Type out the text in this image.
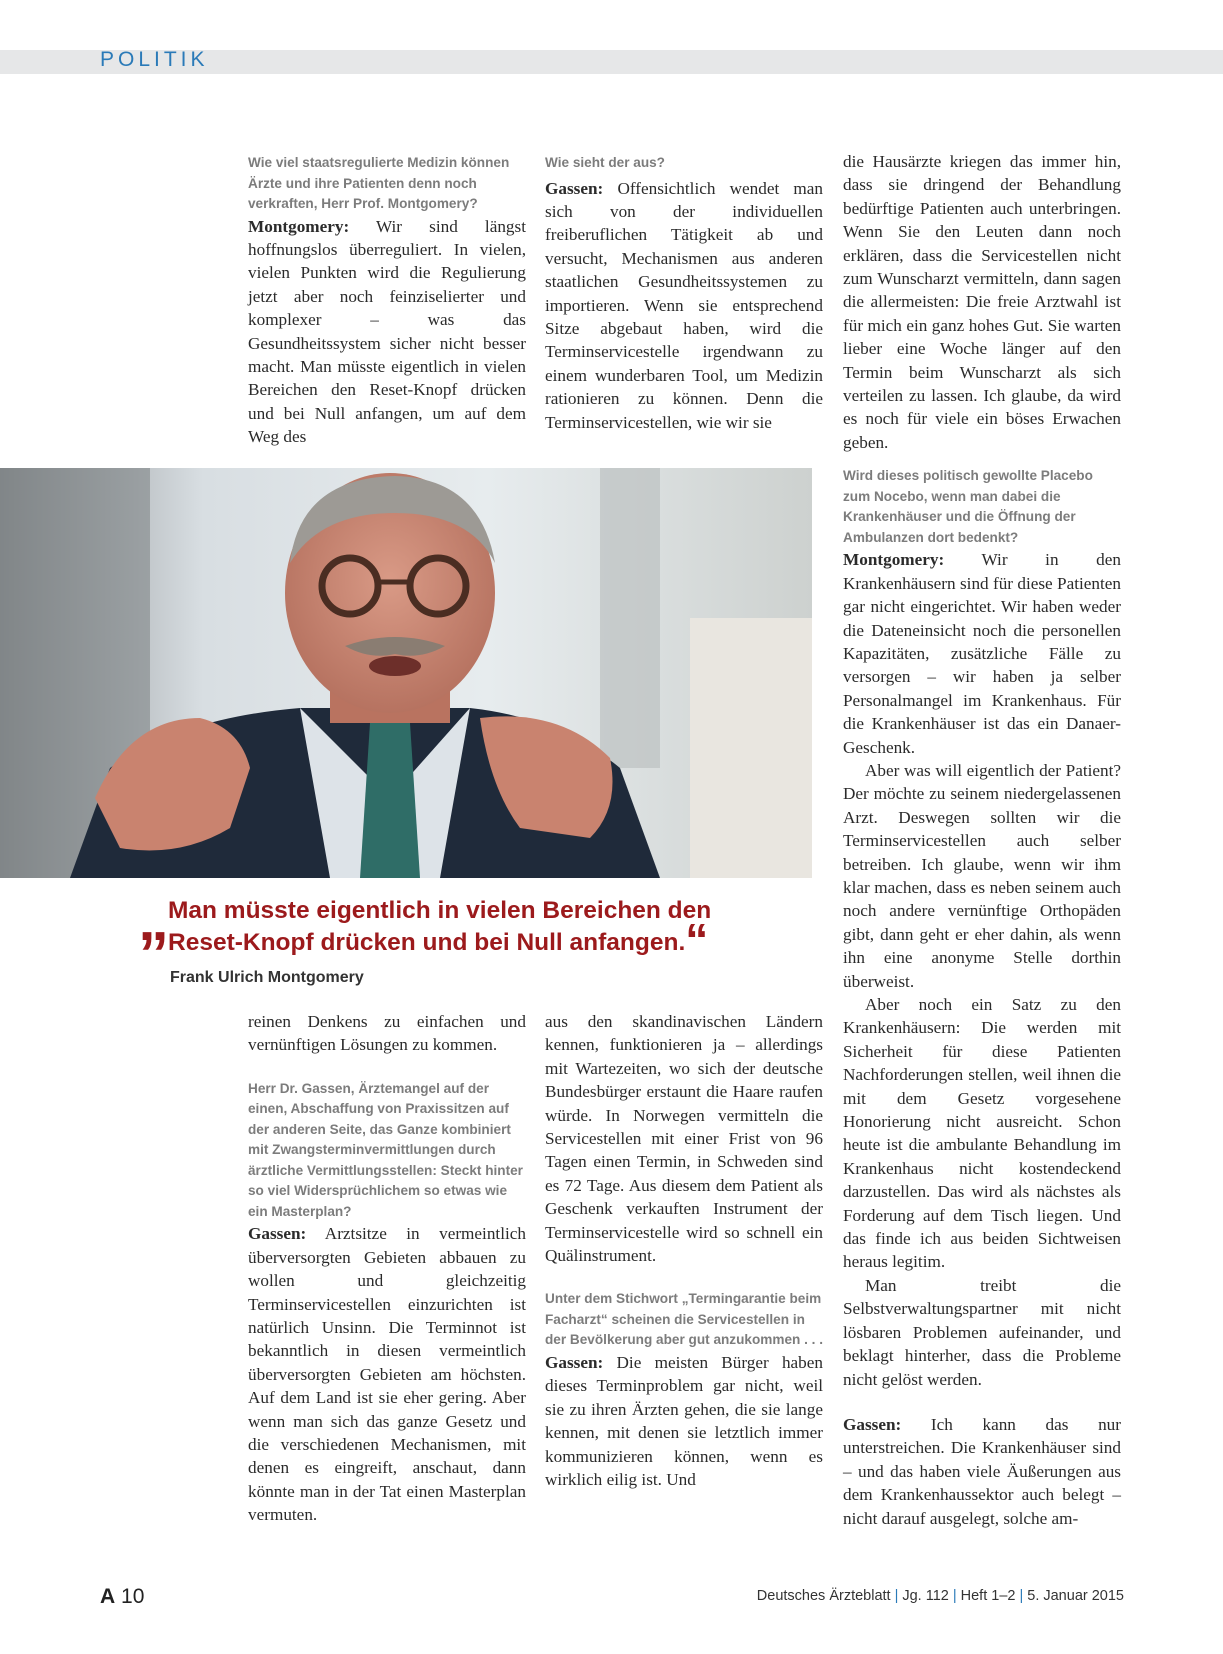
POLITIK

Wie viel staatsregulierte Medizin können Ärzte und ihre Patienten denn noch verkraften, Herr Prof. Montgomery?

Montgomery: Wir sind längst hoffnungslos überreguliert. In vielen, vielen Punkten wird die Regulierung jetzt aber noch feinziselierter und komplexer – was das Gesundheitssystem sicher nicht besser macht. Man müsste eigentlich in vielen Bereichen den Reset-Knopf drücken und bei Null anfangen, um auf dem Weg des

Wie sieht der aus?

Gassen: Offensichtlich wendet man sich von der individuellen freiberuflichen Tätigkeit ab und versucht, Mechanismen aus anderen staatlichen Gesundheitssystemen zu importieren. Wenn sie entsprechend Sitze abgebaut haben, wird die Terminservicestelle irgendwann zu einem wunderbaren Tool, um Medizin rationieren zu können. Denn die Terminservicestellen, wie wir sie

die Hausärzte kriegen das immer hin, dass sie dringend der Behandlung bedürftige Patienten auch unterbringen. Wenn Sie den Leuten dann noch erklären, dass die Servicestellen nicht zum Wunscharzt vermitteln, dann sagen die allermeisten: Die freie Arztwahl ist für mich ein ganz hohes Gut. Sie warten lieber eine Woche länger auf den Termin beim Wunscharzt als sich verteilen zu lassen. Ich glaube, da wird es noch für viele ein böses Erwachen geben.

Wird dieses politisch gewollte Placebo zum Nocebo, wenn man dabei die Krankenhäuser und die Öffnung der Ambulanzen dort bedenkt?

Montgomery: Wir in den Krankenhäusern sind für diese Patienten gar nicht eingerichtet. Wir haben weder die Dateneinsicht noch die personellen Kapazitäten, zusätzliche Fälle zu versorgen – wir haben ja selber Personalmangel im Krankenhaus. Für die Krankenhäuser ist das ein Danaer-Geschenk.

Aber was will eigentlich der Patient? Der möchte zu seinem niedergelassenen Arzt. Deswegen sollten wir die Terminservicestellen auch selber betreiben. Ich glaube, wenn wir ihm klar machen, dass es neben seinem auch noch andere vernünftige Orthopäden gibt, dann geht er eher dahin, als wenn ihn eine anonyme Stelle dorthin überweist.

Aber noch ein Satz zu den Krankenhäusern: Die werden mit Sicherheit für diese Patienten Nachforderungen stellen, weil ihnen die mit dem Gesetz vorgesehene Honorierung nicht ausreicht. Schon heute ist die ambulante Behandlung im Krankenhaus nicht kostendeckend darzustellen. Das wird als nächstes als Forderung auf dem Tisch liegen. Und das finde ich aus beiden Sichtweisen heraus legitim.

Man treibt die Selbstverwaltungspartner mit nicht lösbaren Problemen aufeinander, und beklagt hinterher, dass die Probleme nicht gelöst werden.

Gassen: Ich kann das nur unterstreichen. Die Krankenhäuser sind – und das haben viele Äußerungen aus dem Krankenhaussektor auch belegt – nicht darauf ausgelegt, solche am-

„ Man müsste eigentlich in vielen Bereichen den Reset-Knopf drücken und bei Null anfangen.“
Frank Ulrich Montgomery

reinen Denkens zu einfachen und vernünftigen Lösungen zu kommen.

Herr Dr. Gassen, Ärztemangel auf der einen, Abschaffung von Praxissitzen auf der anderen Seite, das Ganze kombiniert mit Zwangsterminvermittlungen durch ärztliche Vermittlungsstellen: Steckt hinter so viel Widersprüchlichem so etwas wie ein Masterplan?

Gassen: Arztsitze in vermeintlich überversorgten Gebieten abbauen zu wollen und gleichzeitig Terminservicestellen einzurichten ist natürlich Unsinn. Die Terminnot ist bekanntlich in diesen vermeintlich überversorgten Gebieten am höchsten. Auf dem Land ist sie eher gering. Aber wenn man sich das ganze Gesetz und die verschiedenen Mechanismen, mit denen es eingreift, anschaut, dann könnte man in der Tat einen Masterplan vermuten.

aus den skandinavischen Ländern kennen, funktionieren ja – allerdings mit Wartezeiten, wo sich der deutsche Bundesbürger erstaunt die Haare raufen würde. In Norwegen vermitteln die Servicestellen mit einer Frist von 96 Tagen einen Termin, in Schweden sind es 72 Tage. Aus diesem dem Patient als Geschenk verkauften Instrument der Terminservicestelle wird so schnell ein Quälinstrument.

Unter dem Stichwort „Termingarantie beim Facharzt“ scheinen die Servicestellen in der Bevölkerung aber gut anzukommen . . .

Gassen: Die meisten Bürger haben dieses Terminproblem gar nicht, weil sie zu ihren Ärzten gehen, die sie lange kennen, mit denen sie letztlich immer kommunizieren können, wenn es wirklich eilig ist. Und

A 10	Deutsches Ärzteblatt | Jg. 112 | Heft 1–2 | 5. Januar 2015
